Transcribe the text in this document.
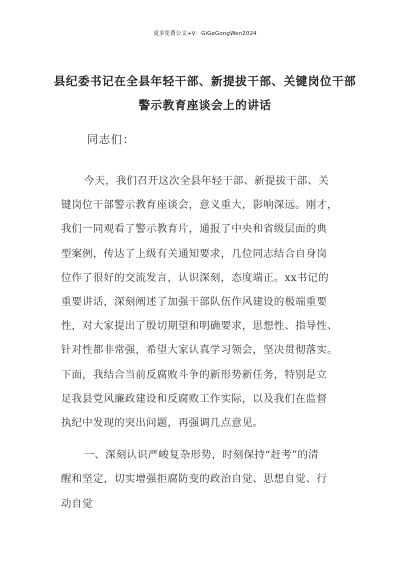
更多免费公文+V：GiGeGongWen2024
县纪委书记在全县年轻干部、新提拔干部、关键岗位干部
警示教育座谈会上的讲话
同志们：
今天，我们召开这次全县年轻干部、新提拔干部、关
键岗位干部警示教育座谈会，意义重大，影响深远。刚才，
我们一同观看了警示教育片，通报了中央和省级层面的典
型案例，传达了上级有关通知要求，几位同志结合自身岗
位作了很好的交流发言，认识深刻，态度端正。xx书记的
重要讲话，深刻阐述了加强干部队伍作风建设的极端重要
性，对大家提出了殷切期望和明确要求，思想性、指导性、
针对性都非常强，希望大家认真学习领会，坚决贯彻落实。
下面，我结合当前反腐败斗争的新形势新任务，特别是立
足我县党风廉政建设和反腐败工作实际，以及我们在监督
执纪中发现的突出问题，再强调几点意见。
一、深刻认识严峻复杂形势，时刻保持“赶考”的清
醒和坚定，切实增强拒腐防变的政治自觉、思想自觉、行
动自觉
